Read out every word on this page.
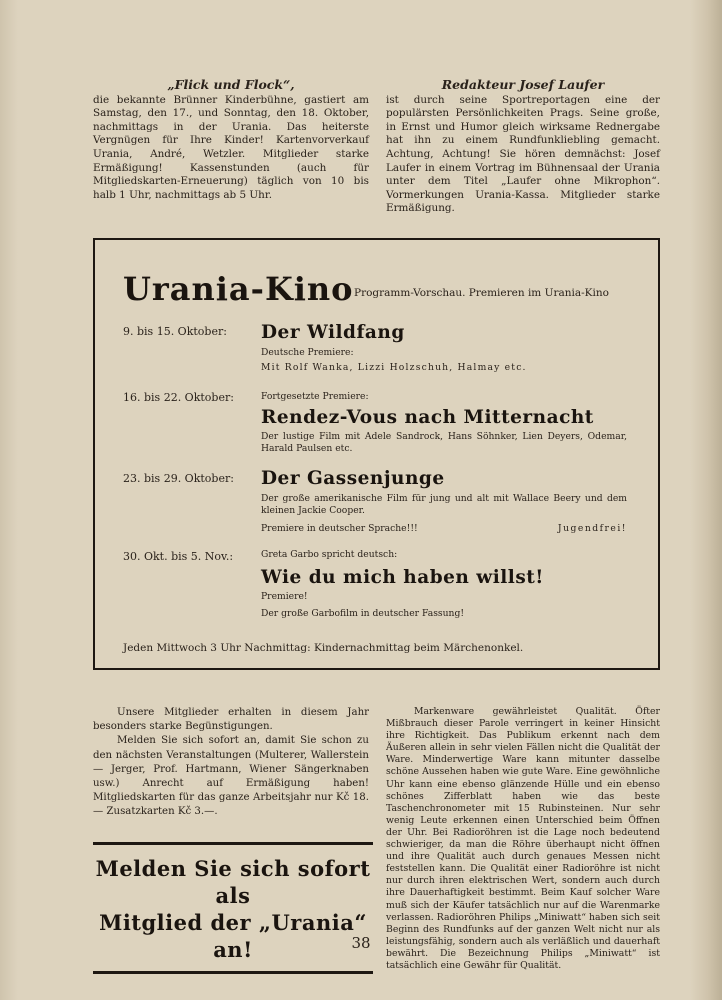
„Flick und Flock“,

die bekannte Brünner Kinderbühne, gastiert am Samstag, den 17., und Sonntag, den 18. Oktober, nachmittags in der Urania. Das heiterste Vergnügen für Ihre Kinder! Kartenvorverkauf Urania, André, Wetzler. Mitglieder starke Ermäßigung! Kassenstunden (auch für Mitgliedskarten-Erneuerung) täglich von 10 bis halb 1 Uhr, nachmittags ab 5 Uhr.

Redakteur Josef Laufer

ist durch seine Sportreportagen eine der populärsten Persönlichkeiten Prags. Seine große, in Ernst und Humor gleich wirksame Rednergabe hat ihn zu einem Rundfunkliebling gemacht. Achtung, Achtung! Sie hören demnächst: Josef Laufer in einem Vortrag im Bühnensaal der Urania unter dem Titel „Laufer ohne Mikrophon“. Vormerkungen Urania-Kassa. Mitglieder starke Ermäßigung.

Urania-Kino Programm-Vorschau. Premieren im Urania-Kino
9. bis 15. Oktober: Der Wildfang
Deutsche Premiere:
Mit Rolf Wanka, Lizzi Holzschuh, Halmay etc.
16. bis 22. Oktober:	Fortgesetzte Premiere:
Rendez-Vous nach Mitternacht
Der lustige Film mit Adele Sandrock, Hans Söhnker, Lien Deyers, Odemar, Harald Paulsen etc.
23. bis 29. Oktober: Der Gassenjunge
Der große amerikanische Film für jung und alt mit Wallace Beery und dem kleinen Jackie Cooper.
Premiere in deutscher Sprache!!!	Jugendfrei!
30. Okt. bis 5. Nov.:	Greta Garbo spricht deutsch:
Wie du mich haben willst!
Premiere!
Der große Garbofilm in deutscher Fassung!
Jeden Mittwoch 3 Uhr Nachmittag: Kindernachmittag beim Märchenonkel.

Unsere Mitglieder erhalten in diesem Jahr besonders starke Begünstigungen.

Melden Sie sich sofort an, damit Sie schon zu den nächsten Veranstaltungen (Multerer, Wallerstein — Jerger, Prof. Hartmann, Wiener Sängerknaben usw.) Anrecht auf Ermäßigung haben! Mitgliedskarten für das ganze Arbeitsjahr nur Kč 18.— Zusatzkarten Kč 3.—.

Melden Sie sich sofort als
Mitglied der „Urania“ an!

Markenware gewährleistet Qualität. Öfter Mißbrauch dieser Parole verringert in keiner Hinsicht ihre Richtigkeit. Das Publikum erkennt nach dem Äußeren allein in sehr vielen Fällen nicht die Qualität der Ware. Minderwertige Ware kann mitunter dasselbe schöne Aussehen haben wie gute Ware. Eine gewöhnliche Uhr kann eine ebenso glänzende Hülle und ein ebenso schönes Zifferblatt haben wie das beste Taschenchronometer mit 15 Rubinsteinen. Nur sehr wenig Leute erkennen einen Unterschied beim Öffnen der Uhr. Bei Radioröhren ist die Lage noch bedeutend schwieriger, da man die Röhre überhaupt nicht öffnen und ihre Qualität auch durch genaues Messen nicht feststellen kann. Die Qualität einer Radioröhre ist nicht nur durch ihren elektrischen Wert, sondern auch durch ihre Dauerhaftigkeit bestimmt. Beim Kauf solcher Ware muß sich der Käufer tatsächlich nur auf die Warenmarke verlassen. Radioröhren Philips „Miniwatt“ haben sich seit Beginn des Rundfunks auf der ganzen Welt nicht nur als leistungsfähig, sondern auch als verläßlich und dauerhaft bewährt. Die Bezeichnung Philips „Miniwatt“ ist tatsächlich eine Gewähr für Qualität.

38
